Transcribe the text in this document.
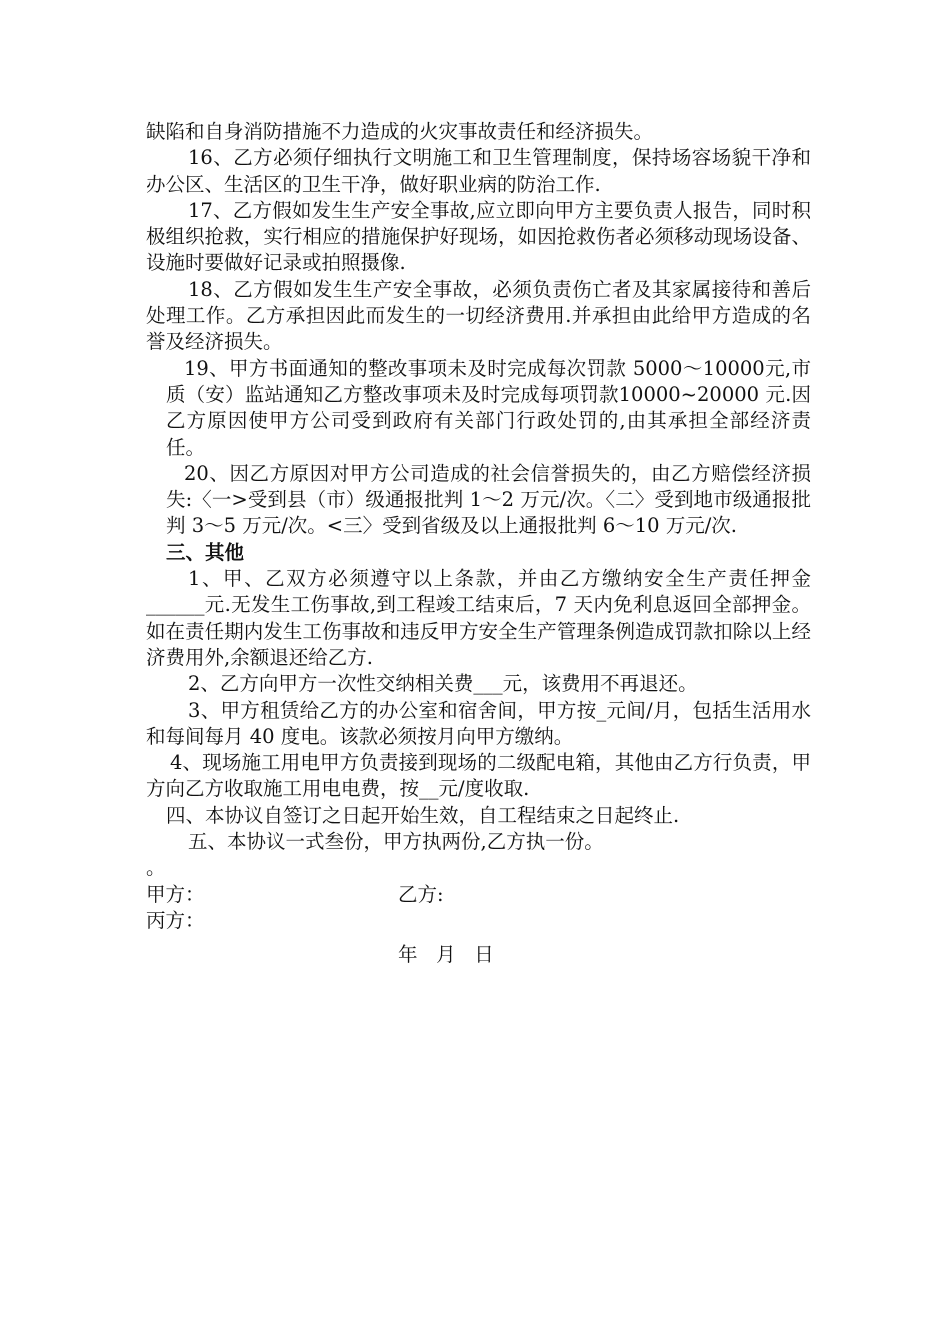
缺陷和自身消防措施不力造成的火灾事故责任和经济损失。

16、乙方必须仔细执行文明施工和卫生管理制度，保持场容场貌干净和办公区、生活区的卫生干净，做好职业病的防治工作.

17、乙方假如发生生产安全事故,应立即向甲方主要负责人报告，同时积极组织抢救，实行相应的措施保护好现场，如因抢救伤者必须移动现场设备、设施时要做好记录或拍照摄像.

18、乙方假如发生生产安全事故，必须负责伤亡者及其家属接待和善后处理工作。乙方承担因此而发生的一切经济费用.并承担由此给甲方造成的名誉及经济损失。

19、甲方书面通知的整改事项未及时完成每次罚款 5000～10000元,市质（安）监站通知乙方整改事项未及时完成每项罚款10000~20000 元.因乙方原因使甲方公司受到政府有关部门行政处罚的,由其承担全部经济责任。

20、因乙方原因对甲方公司造成的社会信誉损失的，由乙方赔偿经济损失:〈一>受到县（市）级通报批判 1～2 万元/次。〈二〉受到地市级通报批判 3～5 万元/次。<三〉受到省级及以上通报批判 6～10 万元/次.

三、其他

1、甲、乙双方必须遵守以上条款，并由乙方缴纳安全生产责任押金______元.无发生工伤事故,到工程竣工结束后，7 天内免利息返回全部押金。如在责任期内发生工伤事故和违反甲方安全生产管理条例造成罚款扣除以上经济费用外,余额退还给乙方.

2、乙方向甲方一次性交纳相关费___元，该费用不再退还。

3、甲方租赁给乙方的办公室和宿舍间，甲方按_元间/月，包括生活用水和每间每月 40 度电。该款必须按月向甲方缴纳。

4、现场施工用电甲方负责接到现场的二级配电箱，其他由乙方行负责，甲方向乙方收取施工用电电费，按__元/度收取.

四、本协议自签订之日起开始生效，自工程结束之日起终止.

五、本协议一式叁份，甲方执两份,乙方执一份。

。

甲方：	乙方:
丙方：
年   月   日
